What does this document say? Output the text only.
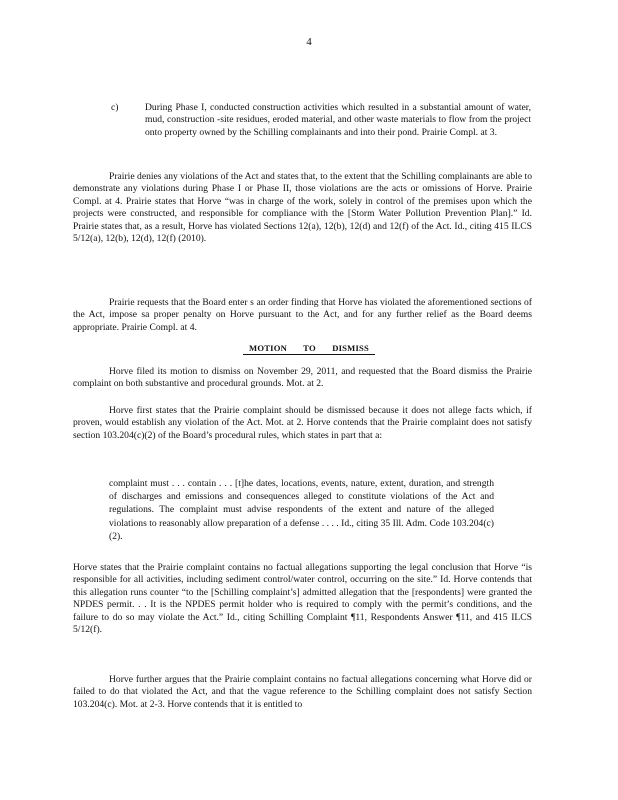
4
c)	During Phase I, conducted construction activities which resulted in a substantial amount of water, mud, construction -site residues, eroded material, and other waste materials to flow from the project onto property owned by the Schilling complainants and into their pond. Prairie Compl. at 3.
Prairie denies any violations of the Act and states that, to the extent that the Schilling complainants are able to demonstrate any violations during Phase I or Phase II, those violations are the acts or omissions of Horve. Prairie Compl. at 4. Prairie states that Horve “was in charge of the work, solely in control of the premises upon which the projects were constructed, and responsible for compliance with the [Storm Water Pollution Prevention Plan].” Id. Prairie states that, as a result, Horve has violated Sections 12(a), 12(b), 12(d) and 12(f) of the Act. Id., citing 415 ILCS 5/12(a), 12(b), 12(d), 12(f) (2010).
Prairie requests that the Board enter s an order finding that Horve has violated the aforementioned sections of the Act, impose sa proper penalty on Horve pursuant to the Act, and for any further relief as the Board deems appropriate. Prairie Compl. at 4.
MOTION TO DISMISS
Horve filed its motion to dismiss on November 29, 2011, and requested that the Board dismiss the Prairie complaint on both substantive and procedural grounds. Mot. at 2.
Horve first states that the Prairie complaint should be dismissed because it does not allege facts which, if proven, would establish any violation of the Act. Mot. at 2. Horve contends that the Prairie complaint does not satisfy section 103.204(c)(2) of the Board’s procedural rules, which states in part that a:
complaint must . . . contain . . . [t]he dates, locations, events, nature, extent, duration, and strength of discharges and emissions and consequences alleged to constitute violations of the Act and regulations. The complaint must advise respondents of the extent and nature of the alleged violations to reasonably allow preparation of a defense . . . . Id., citing 35 Ill. Adm. Code 103.204(c)(2).
Horve states that the Prairie complaint contains no factual allegations supporting the legal conclusion that Horve “is responsible for all activities, including sediment control/water control, occurring on the site.” Id. Horve contends that this allegation runs counter “to the [Schilling complaint’s] admitted allegation that the [respondents] were granted the NPDES permit. . . It is the NPDES permit holder who is required to comply with the permit’s conditions, and the failure to do so may violate the Act.” Id., citing Schilling Complaint ¶11, Respondents Answer ¶11, and 415 ILCS 5/12(f).
Horve further argues that the Prairie complaint contains no factual allegations concerning what Horve did or failed to do that violated the Act, and that the vague reference to the Schilling complaint does not satisfy Section 103.204(c). Mot. at 2-3. Horve contends that it is entitled to
